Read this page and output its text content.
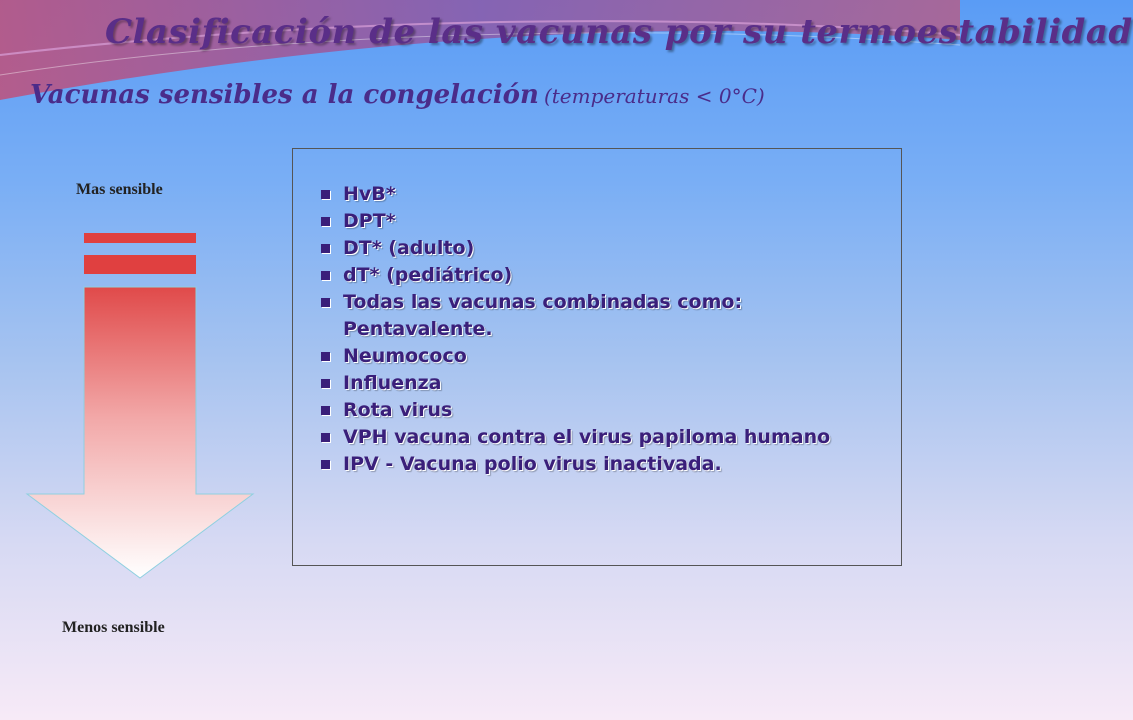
Clasificación de las vacunas por su termoestabilidad
Vacunas sensibles a la congelación (temperaturas < 0°C)
Mas sensible
Menos sensible
HvB*
DPT*
DT* (adulto)
dT* (pediátrico)
Todas las vacunas combinadas como: Pentavalente.
Neumococo
Influenza
Rota virus
VPH vacuna contra el virus papiloma humano
IPV - Vacuna polio virus inactivada.
